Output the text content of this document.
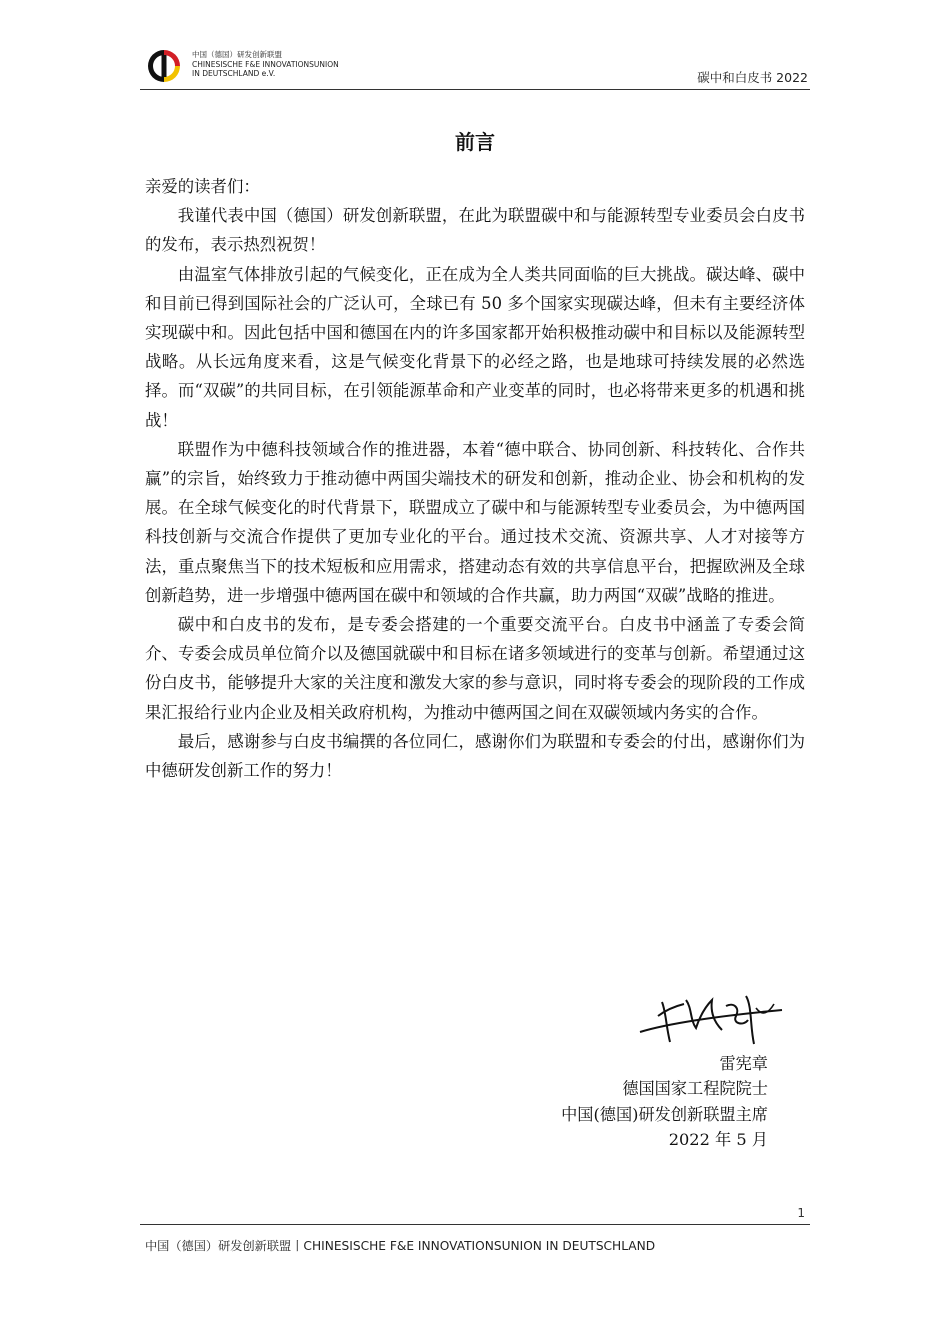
中国（德国）研发创新联盟
CHINESISCHE F&E INNOVATIONSUNION
IN DEUTSCHLAND e.V.	碳中和白皮书 2022
前言

亲爱的读者们：

我谨代表中国（德国）研发创新联盟，在此为联盟碳中和与能源转型专业委员会白皮书的发布，表示热烈祝贺！

由温室气体排放引起的气候变化，正在成为全人类共同面临的巨大挑战。碳达峰、碳中和目前已得到国际社会的广泛认可，全球已有 50 多个国家实现碳达峰，但未有主要经济体实现碳中和。因此包括中国和德国在内的许多国家都开始积极推动碳中和目标以及能源转型战略。从长远角度来看，这是气候变化背景下的必经之路，也是地球可持续发展的必然选择。而“双碳”的共同目标，在引领能源革命和产业变革的同时，也必将带来更多的机遇和挑战！

联盟作为中德科技领域合作的推进器，本着“德中联合、协同创新、科技转化、合作共赢”的宗旨，始终致力于推动德中两国尖端技术的研发和创新，推动企业、协会和机构的发展。在全球气候变化的时代背景下，联盟成立了碳中和与能源转型专业委员会，为中德两国科技创新与交流合作提供了更加专业化的平台。通过技术交流、资源共享、人才对接等方法，重点聚焦当下的技术短板和应用需求，搭建动态有效的共享信息平台，把握欧洲及全球创新趋势，进一步增强中德两国在碳中和领域的合作共赢，助力两国“双碳”战略的推进。

碳中和白皮书的发布，是专委会搭建的一个重要交流平台。白皮书中涵盖了专委会简介、专委会成员单位简介以及德国就碳中和目标在诸多领域进行的变革与创新。希望通过这份白皮书，能够提升大家的关注度和激发大家的参与意识，同时将专委会的现阶段的工作成果汇报给行业内企业及相关政府机构，为推动中德两国之间在双碳领域内务实的合作。

最后，感谢参与白皮书编撰的各位同仁，感谢你们为联盟和专委会的付出，感谢你们为中德研发创新工作的努力！

雷宪章
德国国家工程院院士
中国(德国)研发创新联盟主席
2022 年 5 月
1
中国（德国）研发创新联盟丨CHINESISCHE F&E INNOVATIONSUNION IN DEUTSCHLAND
